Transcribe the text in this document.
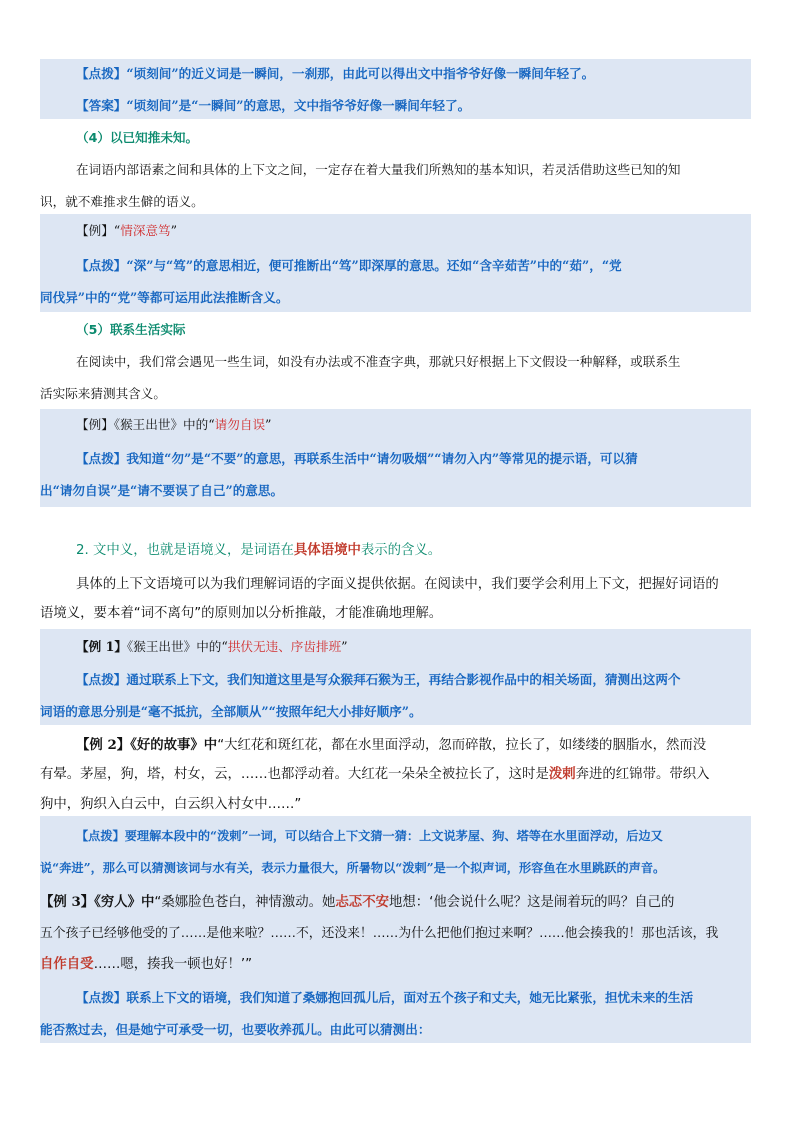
【点拨】“顷刻间”的近义词是一瞬间，一刹那，由此可以得出文中指爷爷好像一瞬间年轻了。
【答案】“顷刻间”是“一瞬间”的意思，文中指爷爷好像一瞬间年轻了。
（4）以已知推未知。
在词语内部语素之间和具体的上下文之间，一定存在着大量我们所熟知的基本知识，若灵活借助这些已知的知
识，就不难推求生僻的语义。
【例】“情深意笃”
【点拨】“深”与“笃”的意思相近，便可推断出“笃”即深厚的意思。还如“含辛茹苦”中的“茹”，“党
同伐异”中的“党”等都可运用此法推断含义。
（5）联系生活实际
在阅读中，我们常会遇见一些生词，如没有办法或不准查字典，那就只好根据上下文假设一种解释，或联系生
活实际来猜测其含义。
【例】《猴王出世》中的“请勿自误”
【点拨】我知道“勿”是“不要”的意思，再联系生活中“请勿吸烟”“请勿入内”等常见的提示语，可以猜
出“请勿自误”是“请不要误了自己”的意思。
2. 文中义，也就是语境义，是词语在具体语境中表示的含义。
具体的上下文语境可以为我们理解词语的字面义提供依据。在阅读中，我们要学会利用上下文，把握好词语的
语境义，要本着“词不离句”的原则加以分析推敲，才能准确地理解。
【例 1】《猴王出世》中的“拱伏无违、序齿排班”
【点拨】通过联系上下文，我们知道这里是写众猴拜石猴为王，再结合影视作品中的相关场面，猜测出这两个
词语的意思分别是“毫不抵抗，全部顺从”“按照年纪大小排好顺序”。
【例 2】《好的故事》中“大红花和斑红花，都在水里面浮动，忽而碎散，拉长了，如缕缕的胭脂水，然而没
有晕。茅屋，狗，塔，村女，云，……也都浮动着。大红花一朵朵全被拉长了，这时是泼剌奔进的红锦带。带织入
狗中，狗织入白云中，白云织入村女中……”
【点拨】要理解本段中的“泼剌”一词，可以结合上下文猜一猜：上文说茅屋、狗、塔等在水里面浮动，后边又
说“奔进”，那么可以猜测该词与水有关，表示力量很大，所暑物以“泼剌”是一个拟声词，形容鱼在水里跳跃的声音。
【例 3】《穷人》中“桑娜脸色苍白，神情激动。她忐忑不安地想：‘他会说什么呢？这是闹着玩的吗？自己的
五个孩子已经够他受的了……是他来啦？……不，还没来！……为什么把他们抱过来啊？……他会揍我的！那也活该，我
自作自受……嗯，揍我一顿也好！’”
【点拨】联系上下文的语境，我们知道了桑娜抱回孤儿后，面对五个孩子和丈夫，她无比紧张，担忧未来的生活
能否熬过去，但是她宁可承受一切，也要收养孤儿。由此可以猜测出：
